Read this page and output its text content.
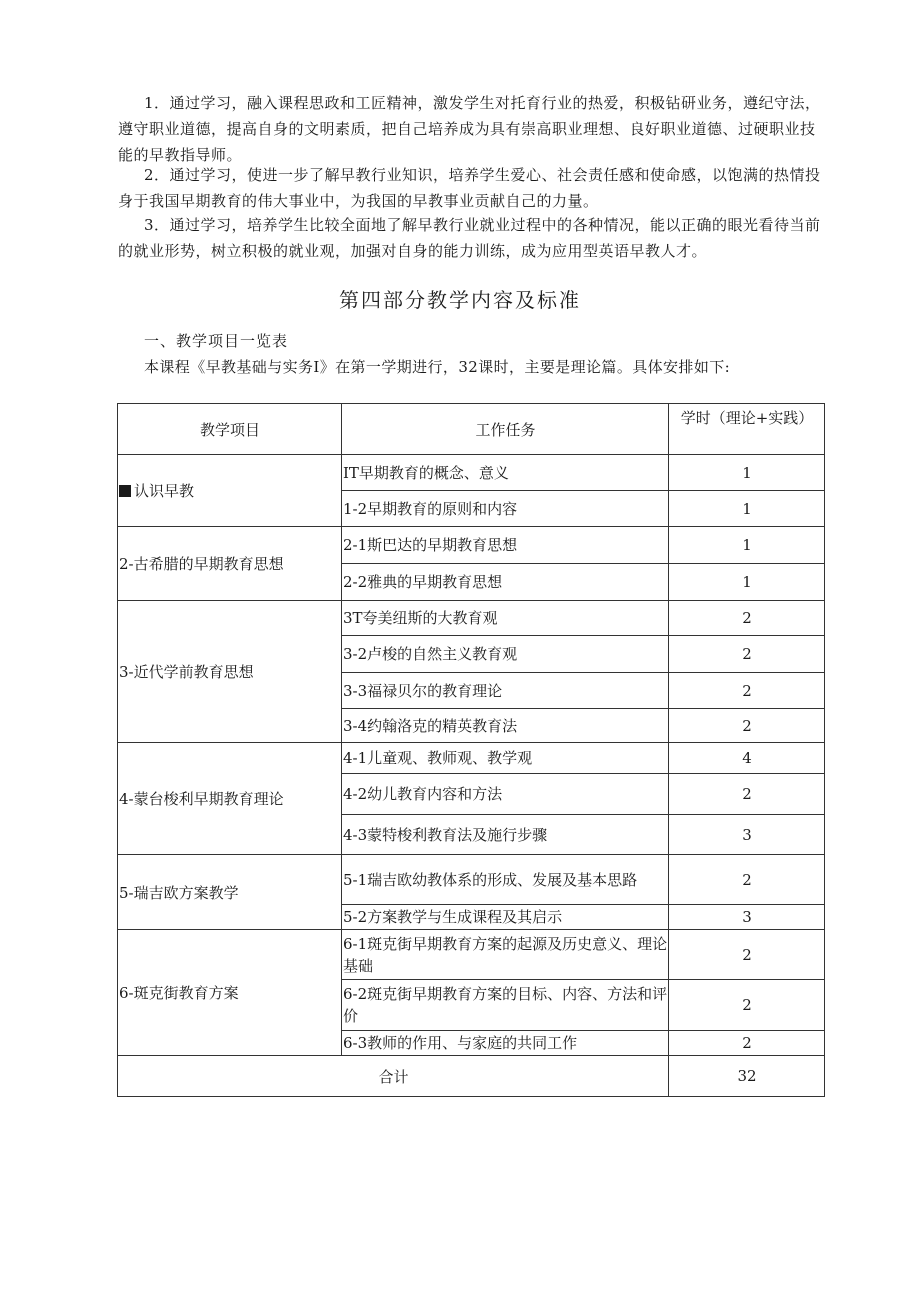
1．通过学习，融入课程思政和工匠精神，激发学生对托育行业的热爱，积极钻研业务，遵纪守法，遵守职业道德，提高自身的文明素质，把自己培养成为具有崇高职业理想、良好职业道德、过硬职业技能的早教指导师。

2．通过学习，使进一步了解早教行业知识，培养学生爱心、社会责任感和使命感，以饱满的热情投身于我国早期教育的伟大事业中，为我国的早教事业贡献自己的力量。

3．通过学习，培养学生比较全面地了解早教行业就业过程中的各种情况，能以正确的眼光看待当前的就业形势，树立积极的就业观，加强对自身的能力训练，成为应用型英语早教人才。

第四部分教学内容及标准

一、教学项目一览表

本课程《早教基础与实务I》在第一学期进行，32课时，主要是理论篇。具体安排如下:

教学项目	工作任务	学时（理论+实践）
认识早教	IT早期教育的概念、意义	1
	1-2早期教育的原则和内容	1
2-古希腊的早期教育思想	2-1斯巴达的早期教育思想	1
	2-2雅典的早期教育思想	1
3-近代学前教育思想	3T夸美纽斯的大教育观	2
	3-2卢梭的自然主义教育观	2
	3-3福禄贝尔的教育理论	2
	3-4约翰洛克的精英教育法	2
4-蒙台梭利早期教育理论	4-1儿童观、教师观、教学观	4
	4-2幼儿教育内容和方法	2
	4-3蒙特梭利教育法及施行步骤	3
5-瑞吉欧方案教学	5-1瑞吉欧幼教体系的形成、发展及基本思路	2
	5-2方案教学与生成课程及其启示	3
6-斑克街教育方案	6-1斑克街早期教育方案的起源及历史意义、理论基础	2
	6-2斑克街早期教育方案的目标、内容、方法和评价	2
	6-3教师的作用、与家庭的共同工作	2
合计		32
